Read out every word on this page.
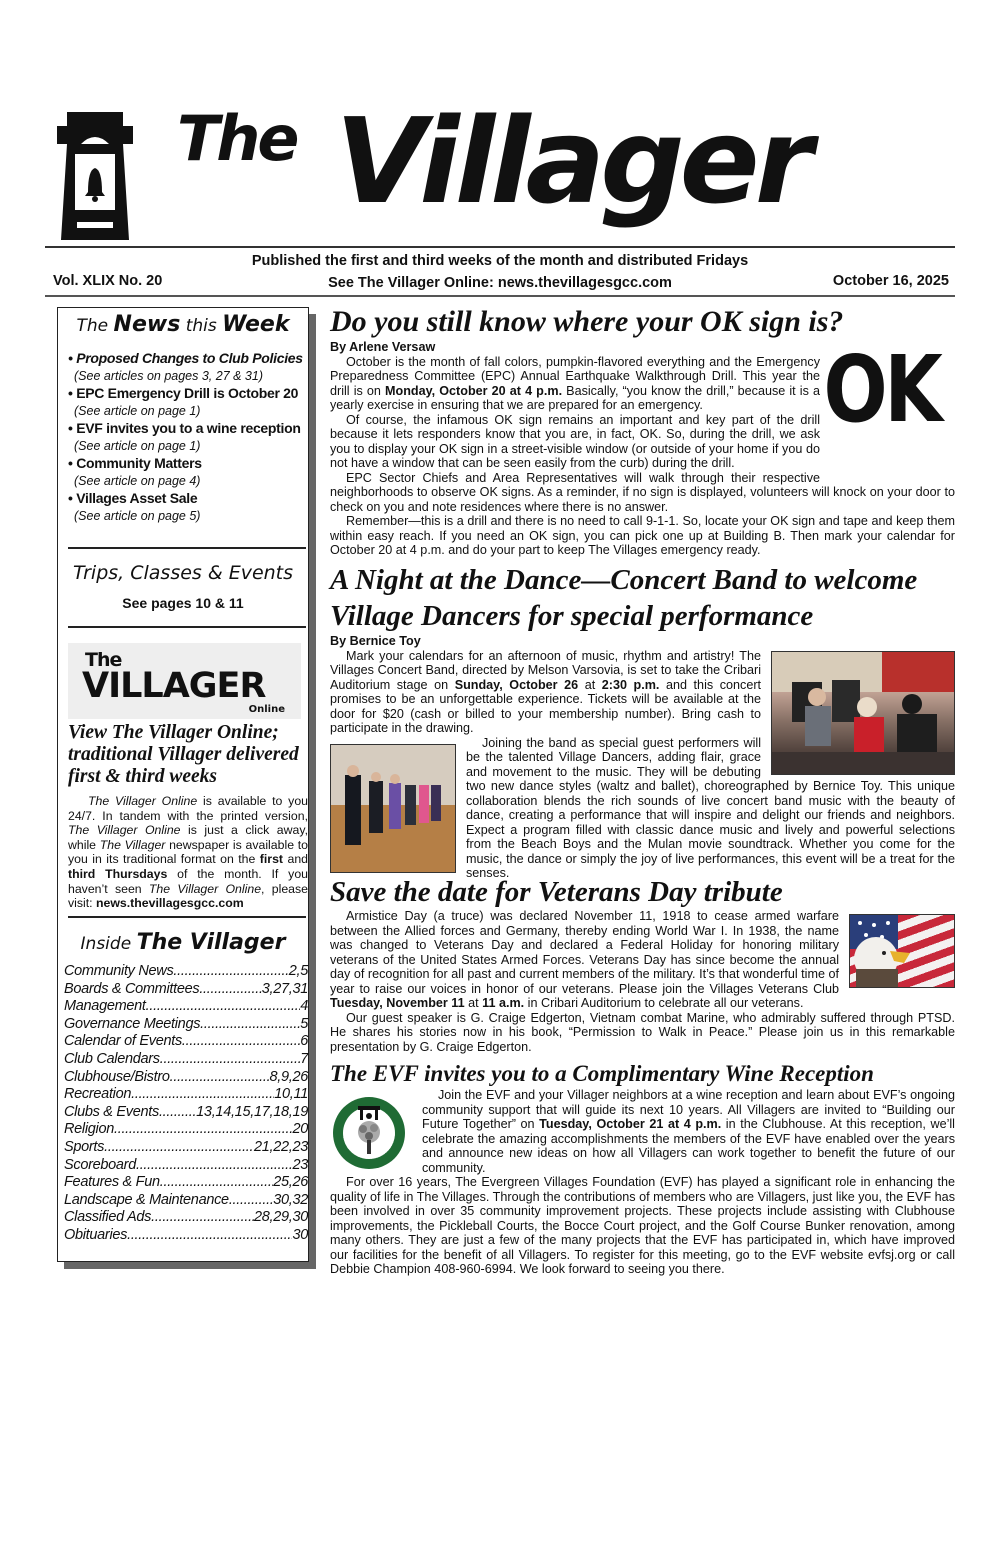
The Villager
Published the first and third weeks of the month and distributed Fridays
Vol. XLIX No. 20	See The Villager Online: news.thevillagesgcc.com	October 16, 2025
The News this Week
• Proposed Changes to Club Policies
(See articles on pages 3, 27 & 31)
• EPC Emergency Drill is October 20
(See article on page 1)
• EVF invites you to a wine reception
(See article on page 1)
• Community Matters
(See article on page 4)
• Villages Asset Sale
(See article on page 5)
Trips, Classes & Events
See pages 10 & 11
The
VILLAGER
Online
View The Villager Online; traditional Villager delivered first & third weeks
The Villager Online is available to you 24/7. In tandem with the printed version, The Villager Online is just a click away, while The Villager newspaper is available to you in its traditional format on the first and third Thursdays of the month. If you haven’t seen The Villager Online, please visit: news.thevillagesgcc.com
Inside The Villager
Community News .....	2,5
Boards & Committees .....	3,27,31
Management .....	4
Governance Meetings .....	5
Calendar of Events .....	6
Club Calendars .....	7
Clubhouse/Bistro .....	8,9,26
Recreation .....	10,11
Clubs & Events .....	13,14,15,17,18,19
Religion .....	20
Sports .....	21,22,23
Scoreboard .....	23
Features & Fun .....	25,26
Landscape & Maintenance .....	30,32
Classified Ads .....	28,29,30
Obituaries .....	30
Do you still know where your OK sign is?
OK
By Arlene Versaw

October is the month of fall colors, pumpkin-flavored everything and the Emergency Preparedness Committee (EPC) Annual Earthquake Walkthrough Drill. This year the drill is on Monday, October 20 at 4 p.m. Basically, “you know the drill,” because it is a yearly exercise in ensuring that we are prepared for an emergency.

Of course, the infamous OK sign remains an important and key part of the drill because it lets responders know that you are, in fact, OK. So, during the drill, we ask you to display your OK sign in a street-visible window (or outside of your home if you do not have a window that can be seen easily from the curb) during the drill.

EPC Sector Chiefs and Area Representatives will walk through their respective neighborhoods to observe OK signs. As a reminder, if no sign is displayed, volunteers will knock on your door to check on you and note residences where there is no answer.

Remember—this is a drill and there is no need to call 9-1-1. So, locate your OK sign and tape and keep them within easy reach. If you need an OK sign, you can pick one up at Building B. Then mark your calendar for October 20 at 4 p.m. and do your part to keep The Villages emergency ready.

A Night at the Dance—Concert Band to welcome
Village Dancers for special performance
By Bernice Toy

Mark your calendars for an afternoon of music, rhythm and artistry! The Villages Concert Band, directed by Melson Varsovia, is set to take the Cribari Auditorium stage on Sunday, October 26 at 2:30 p.m. and this concert promises to be an unforgettable experience. Tickets will be available at the door for $20 (cash or billed to your membership number). Bring cash to participate in the drawing.

Joining the band as special guest performers will be the talented Village Dancers, adding flair, grace and movement to the music. They will be debuting two new dance styles (waltz and ballet), choreographed by Bernice Toy. This unique collaboration blends the rich sounds of live concert band music with the beauty of dance, creating a performance that will inspire and delight our friends and neighbors. Expect a program filled with classic dance music and lively and powerful selections from the Beach Boys and the Mulan movie soundtrack. Whether you come for the music, the dance or simply the joy of live performances, this event will be a treat for the senses.

Save the date for Veterans Day tribute

Armistice Day (a truce) was declared November 11, 1918 to cease armed warfare between the Allied forces and Germany, thereby ending World War I. In 1938, the name was changed to Veterans Day and declared a Federal Holiday for honoring military veterans of the United States Armed Forces. Veterans Day has since become the annual day of recognition for all past and current members of the military. It’s that wonderful time of year to raise our voices in honor of our veterans. Please join the Villages Veterans Club Tuesday, November 11 at 11 a.m. in Cribari Auditorium to celebrate all our veterans.

Our guest speaker is G. Craige Edgerton, Vietnam combat Marine, who admirably suffered through PTSD. He shares his stories now in his book, “Permission to Walk in Peace.” Please join us in this remarkable presentation by G. Craige Edgerton.

The EVF invites you to a Complimentary Wine Reception
THE EVERGREEN VILLAGES FOU

Join the EVF and your Villager neighbors at a wine reception and learn about EVF’s ongoing community support that will guide its next 10 years. All Villagers are invited to “Building our Future Together” on Tuesday, October 21 at 4 p.m. in the Clubhouse. At this reception, we’ll celebrate the amazing accomplishments the members of the EVF have enabled over the years and announce new ideas on how all Villagers can work together to benefit the future of our community.

For over 16 years, The Evergreen Villages Foundation (EVF) has played a significant role in enhancing the quality of life in The Villages. Through the contributions of members who are Villagers, just like you, the EVF has been involved in over 35 community improvement projects. These projects include assisting with Clubhouse improvements, the Pickleball Courts, the Bocce Court project, and the Golf Course Bunker renovation, among many others. They are just a few of the many projects that the EVF has participated in, which have improved our facilities for the benefit of all Villagers. To register for this meeting, go to the EVF website evfsj.org or call Debbie Champion 408-960-6994. We look forward to seeing you there.
